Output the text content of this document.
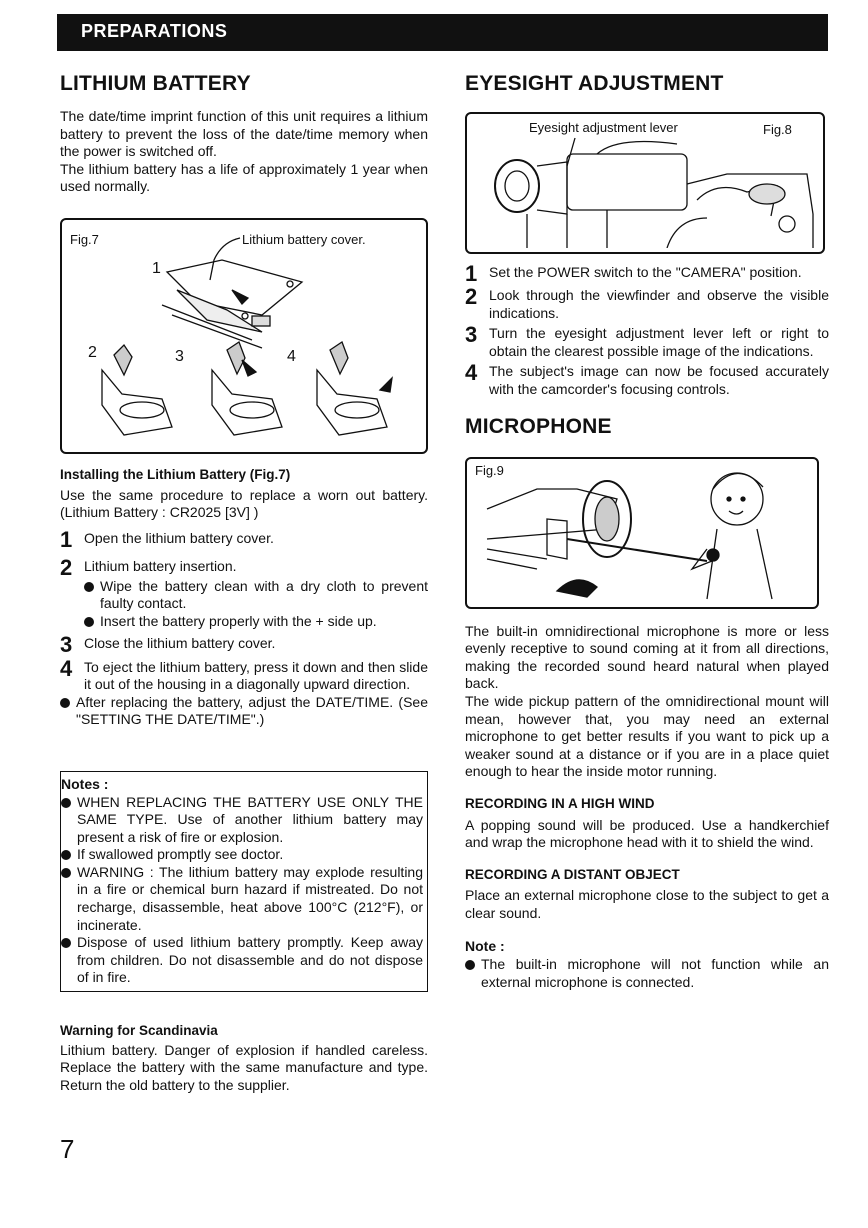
PREPARATIONS
LITHIUM BATTERY

The date/time imprint function of this unit requires a lithium battery to prevent the loss of the date/time memory when the power is switched off.

The lithium battery has a life of approximately 1 year when used normally.

Fig.7	Lithium battery cover.
1
2	3	4

Installing the Lithium Battery (Fig.7)

Use the same procedure to replace a worn out battery. (Lithium Battery : CR2025 [3V] )

1 Open the lithium battery cover.
2 Lithium battery insertion.
Wipe the battery clean with a dry cloth to prevent faulty contact.
Insert the battery properly with the + side up.
3 Close the lithium battery cover.
4 To eject the lithium battery, press it down and then slide it out of the housing in a diagonally upward direction.
After replacing the battery, adjust the DATE/TIME. (See "SETTING THE DATE/TIME".)

Notes :

WHEN REPLACING THE BATTERY USE ONLY THE SAME TYPE. Use of another lithium battery may present a risk of fire or explosion.
If swallowed promptly see doctor.
WARNING : The lithium battery may explode resulting in a fire or chemical burn hazard if mistreated. Do not recharge, disassemble, heat above 100°C (212°F), or incinerate.
Dispose of used lithium battery promptly. Keep away from children. Do not disassemble and do not dispose of in fire.

Warning for Scandinavia

Lithium battery. Danger of explosion if handled careless. Replace the battery with the same manufacture and type. Return the old battery to the supplier.

EYESIGHT ADJUSTMENT
Eyesight adjustment lever	Fig.8
1 Set the POWER switch to the "CAMERA" position.
2 Look through the viewfinder and observe the visible indications.
3 Turn the eyesight adjustment lever left or right to obtain the clearest possible image of the indications.
4 The subject's image can now be focused accurately with the camcorder's focusing controls.
MICROPHONE
Fig.9

The built-in omnidirectional microphone is more or less evenly receptive to sound coming at it from all directions, making the recorded sound heard natural when played back.

The wide pickup pattern of the omnidirectional mount will mean, however that, you may need an external microphone to get better results if you want to pick up a weaker sound at a distance or if you are in a place quiet enough to hear the inside motor running.

RECORDING IN A HIGH WIND

A popping sound will be produced. Use a handkerchief and wrap the microphone head with it to shield the wind.

RECORDING A DISTANT OBJECT

Place an external microphone close to the subject to get a clear sound.

Note :

The built-in microphone will not function while an external microphone is connected.
7
